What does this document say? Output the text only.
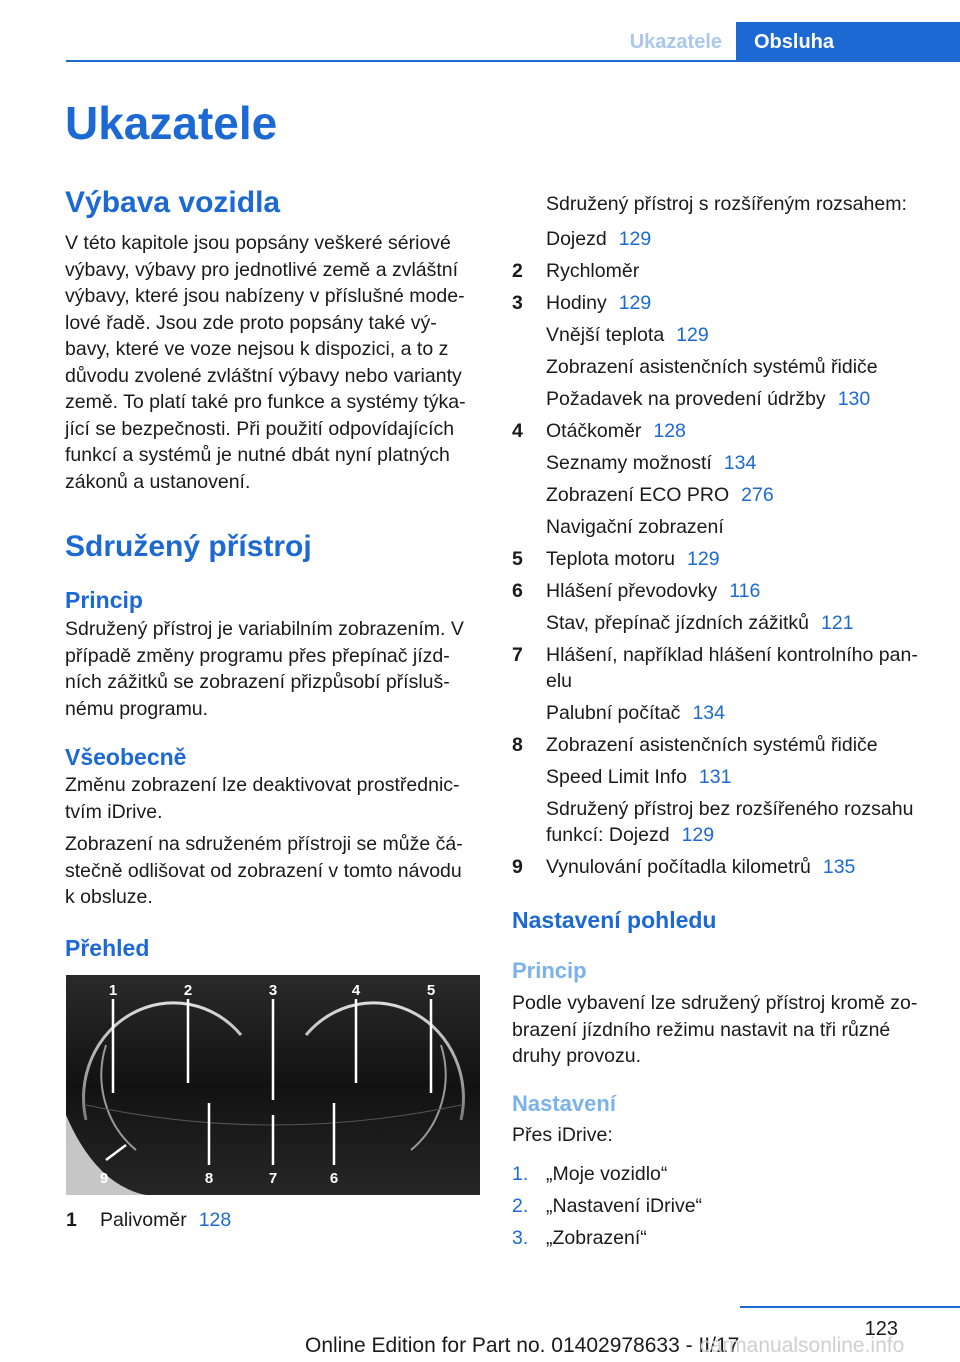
Ukazatele	Obsluha
Ukazatele
Výbava vozidla
V této kapitole jsou popsány veškeré sériové
výbavy, výbavy pro jednotlivé země a zvláštní
výbavy, které jsou nabízeny v příslušné mode-
lové řadě. Jsou zde proto popsány také vý-
bavy, které ve voze nejsou k dispozici, a to z
důvodu zvolené zvláštní výbavy nebo varianty
země. To platí také pro funkce a systémy týka-
jící se bezpečnosti. Při použití odpovídajících
funkcí a systémů je nutné dbát nyní platných
zákonů a ustanovení.
Sdružený přístroj
Princip
Sdružený přístroj je variabilním zobrazením. V
případě změny programu přes přepínač jízd-
ních zážitků se zobrazení přizpůsobí přísluš-
nému programu.
Všeobecně
Změnu zobrazení lze deaktivovat prostřednic-
tvím iDrive.
Zobrazení na sdruženém přístroji se může čá-
stečně odlišovat od zobrazení v tomto návodu
k obsluze.
Přehled
1	2	3	4	5
9	8	7	6
1 Palivoměr 128
Sdružený přístroj s rozšířeným rozsahem:
Dojezd 129
2 Rychloměr
3 Hodiny 129
Vnější teplota 129
Zobrazení asistenčních systémů řidiče
Požadavek na provedení údržby 130
4 Otáčkoměr 128
Seznamy možností 134
Zobrazení ECO PRO 276
Navigační zobrazení
5 Teplota motoru 129
6 Hlášení převodovky 116
Stav, přepínač jízdních zážitků 121
7 Hlášení, například hlášení kontrolního pan-
elu
Palubní počítač 134
8 Zobrazení asistenčních systémů řidiče
Speed Limit Info 131
Sdružený přístroj bez rozšířeného rozsahu
funkcí: Dojezd 129
9 Vynulování počítadla kilometrů 135
Nastavení pohledu
Princip
Podle vybavení lze sdružený přístroj kromě zo-
brazení jízdního režimu nastavit na tři různé
druhy provozu.
Nastavení
Přes iDrive:
1. „Moje vozidlo“
2. „Nastavení iDrive“
3. „Zobrazení“
123
Online Edition for Part no. 01402978633 - II/17
carmanualsonline.info
